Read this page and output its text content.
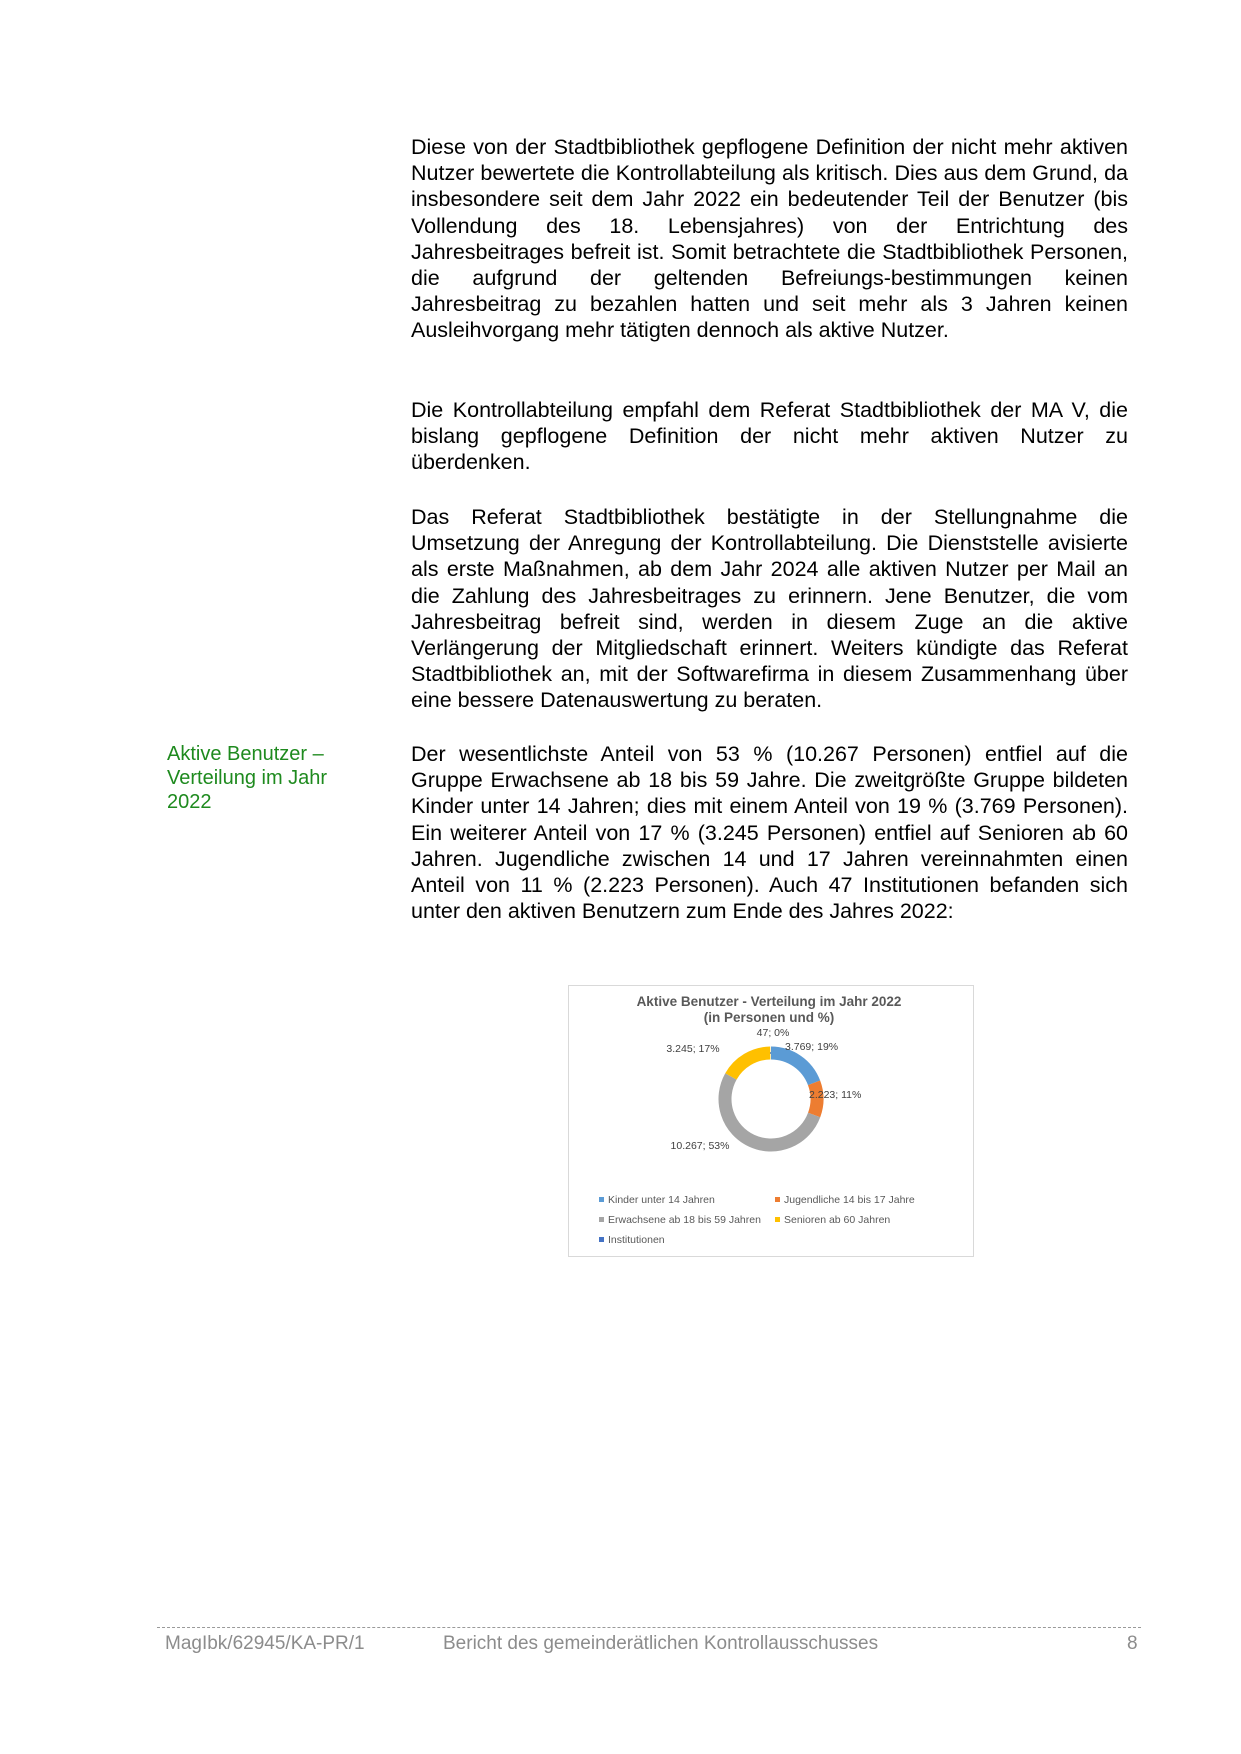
Diese von der Stadtbibliothek gepflogene Definition der nicht mehr aktiven Nutzer bewertete die Kontrollabteilung als kritisch. Dies aus dem Grund, da insbesondere seit dem Jahr 2022 ein bedeutender Teil der Benutzer (bis Vollendung des 18. Lebensjahres) von der Entrichtung des Jahresbeitrages befreit ist. Somit betrachtete die Stadtbibliothek Personen, die aufgrund der geltenden Befreiungs-bestimmungen keinen Jahresbeitrag zu bezahlen hatten und seit mehr als 3 Jahren keinen Ausleihvorgang mehr tätigten dennoch als aktive Nutzer.

Die Kontrollabteilung empfahl dem Referat Stadtbibliothek der MA V, die bislang gepflogene Definition der nicht mehr aktiven Nutzer zu überdenken.

Das Referat Stadtbibliothek bestätigte in der Stellungnahme die Umsetzung der Anregung der Kontrollabteilung. Die Dienststelle avisierte als erste Maßnahmen, ab dem Jahr 2024 alle aktiven Nutzer per Mail an die Zahlung des Jahresbeitrages zu erinnern. Jene Benutzer, die vom Jahresbeitrag befreit sind, werden in diesem Zuge an die aktive Verlängerung der Mitgliedschaft erinnert. Weiters kündigte das Referat Stadtbibliothek an, mit der Softwarefirma in diesem Zusammenhang über eine bessere Datenauswertung zu beraten.

Aktive Benutzer – Verteilung im Jahr 2022

Der wesentlichste Anteil von 53 % (10.267 Personen) entfiel auf die Gruppe Erwachsene ab 18 bis 59 Jahre. Die zweitgrößte Gruppe bildeten Kinder unter 14 Jahren; dies mit einem Anteil von 19 % (3.769 Personen). Ein weiterer Anteil von 17 % (3.245 Personen) entfiel auf Senioren ab 60 Jahren. Jugendliche zwischen 14 und 17 Jahren vereinnahmten einen Anteil von 11 % (2.223 Personen). Auch 47 Institutionen befanden sich unter den aktiven Benutzern zum Ende des Jahres 2022:

Aktive Benutzer - Verteilung im Jahr 2022
(in Personen und %)
3.769; 19%
2.223; 11%
10.267; 53%
3.245; 17%
47; 0%
Kinder unter 14 Jahren	Jugendliche 14 bis 17 Jahre
Erwachsene ab 18 bis 59 Jahren Senioren ab 60 Jahren
Institutionen
MagIbk/62945/KA-PR/1	Bericht des gemeinderätlichen Kontrollausschusses	8
